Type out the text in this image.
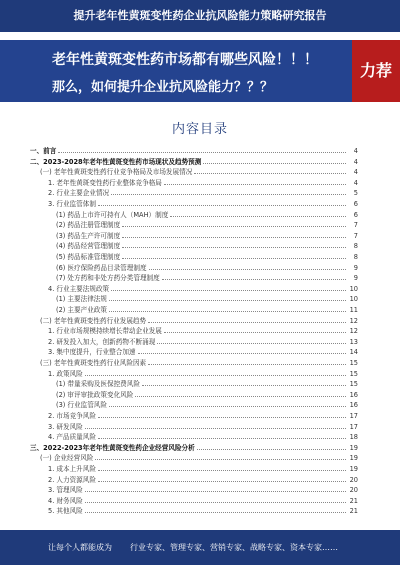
提升老年性黄斑变性药企业抗风险能力策略研究报告
老年性黄斑变性药市场都有哪些风险！！！
那么，如何提升企业抗风险能力？？？
力荐
内容目录
一、前言	4
二、2023-2028年老年性黄斑变性药市场现状及趋势预测	4
(一) 老年性黄斑变性药行业竞争格局及市场发展情况	4
1. 老年性黄斑变性药行业整体竞争格局	4
2. 行业主要企业情况	5
3. 行业监管体制	6
(1) 药品上市许可持有人（MAH）制度	6
(2) 药品注册管理制度	7
(3) 药品生产许可制度	7
(4) 药品经营管理制度	8
(5) 药品标准管理制度	8
(6) 医疗保险药品目录管理制度	9
(7) 处方药和非处方药分类管理制度	9
4. 行业主要法规政策	10
(1) 主要法律法规	10
(2) 主要产业政策	11
(二) 老年性黄斑变性药行业发展趋势	12
1. 行业市场规模持续增长带动企业发展	12
2. 研发投入加大，创新药物不断涌现	13
3. 集中度提升，行业整合加速	14
(三) 老年性黄斑变性药行业风险因素	15
1. 政策风险	15
(1) 带量采购及医保控费风险	15
(2) 审评审批政策变化风险	16
(3) 行业监管风险	16
2. 市场竞争风险	17
3. 研发风险	17
4. 产品质量风险	18
三、2022-2023年老年性黄斑变性药企业经营风险分析	19
(一) 企业经营风险	19
1. 成本上升风险	19
2. 人力资源风险	20
3. 管理风险	20
4. 财务风险	21
5. 其他风险	21
让每个人都能成为 行业专家、管理专家、营销专家、战略专家、资本专家……
